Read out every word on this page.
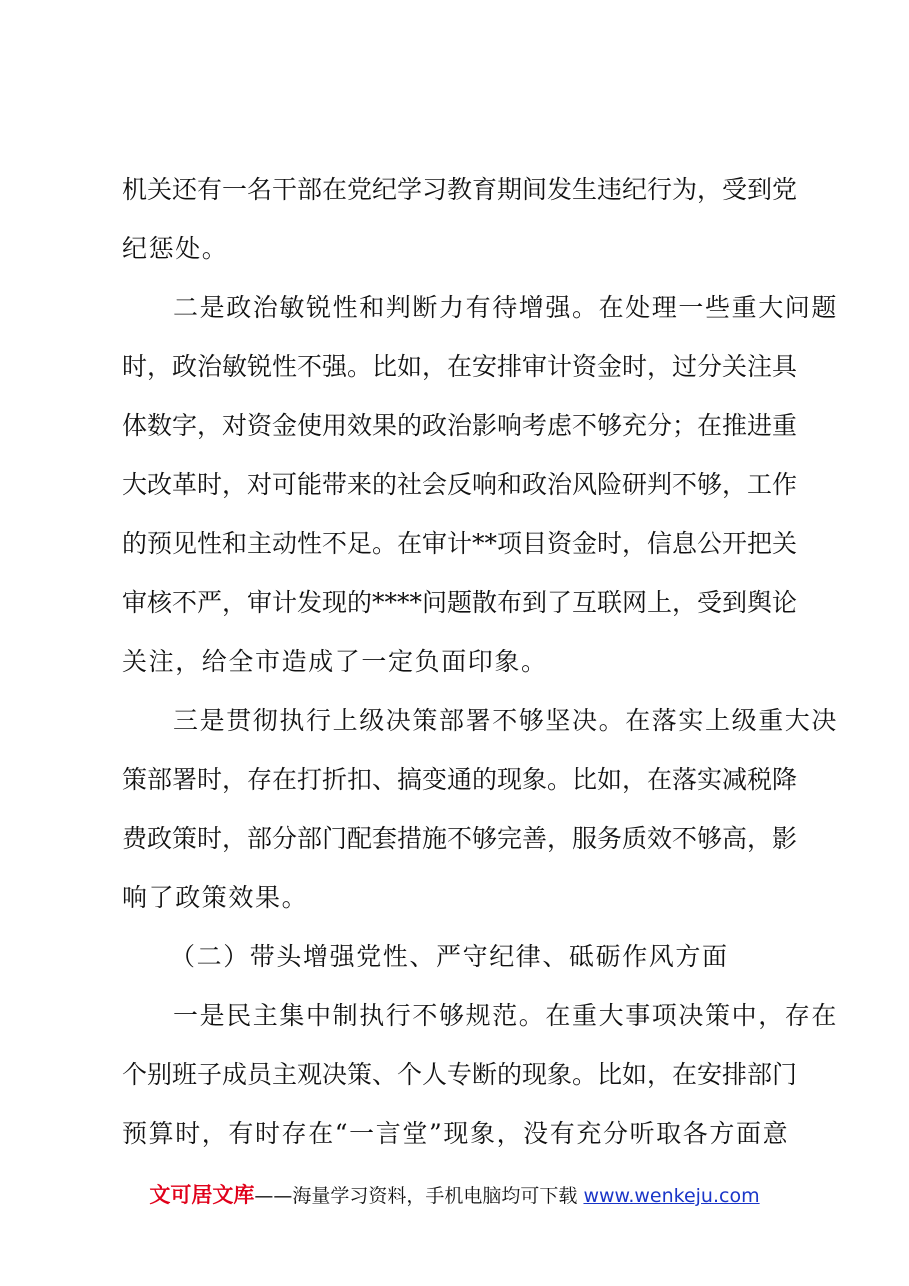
机关还有一名干部在党纪学习教育期间发生违纪行为，受到党
纪惩处。
二是政治敏锐性和判断力有待增强。在处理一些重大问题
时，政治敏锐性不强。比如，在安排审计资金时，过分关注具
体数字，对资金使用效果的政治影响考虑不够充分；在推进重
大改革时，对可能带来的社会反响和政治风险研判不够，工作
的预见性和主动性不足。在审计**项目资金时，信息公开把关
审核不严，审计发现的****问题散布到了互联网上，受到舆论
关注，给全市造成了一定负面印象。
三是贯彻执行上级决策部署不够坚决。在落实上级重大决
策部署时，存在打折扣、搞变通的现象。比如，在落实减税降
费政策时，部分部门配套措施不够完善，服务质效不够高，影
响了政策效果。
（二）带头增强党性、严守纪律、砥砺作风方面
一是民主集中制执行不够规范。在重大事项决策中，存在
个别班子成员主观决策、个人专断的现象。比如，在安排部门
预算时，有时存在“一言堂”现象，没有充分听取各方面意
文可居文库——海量学习资料，手机电脑均可下载 www.wenkeju.com
